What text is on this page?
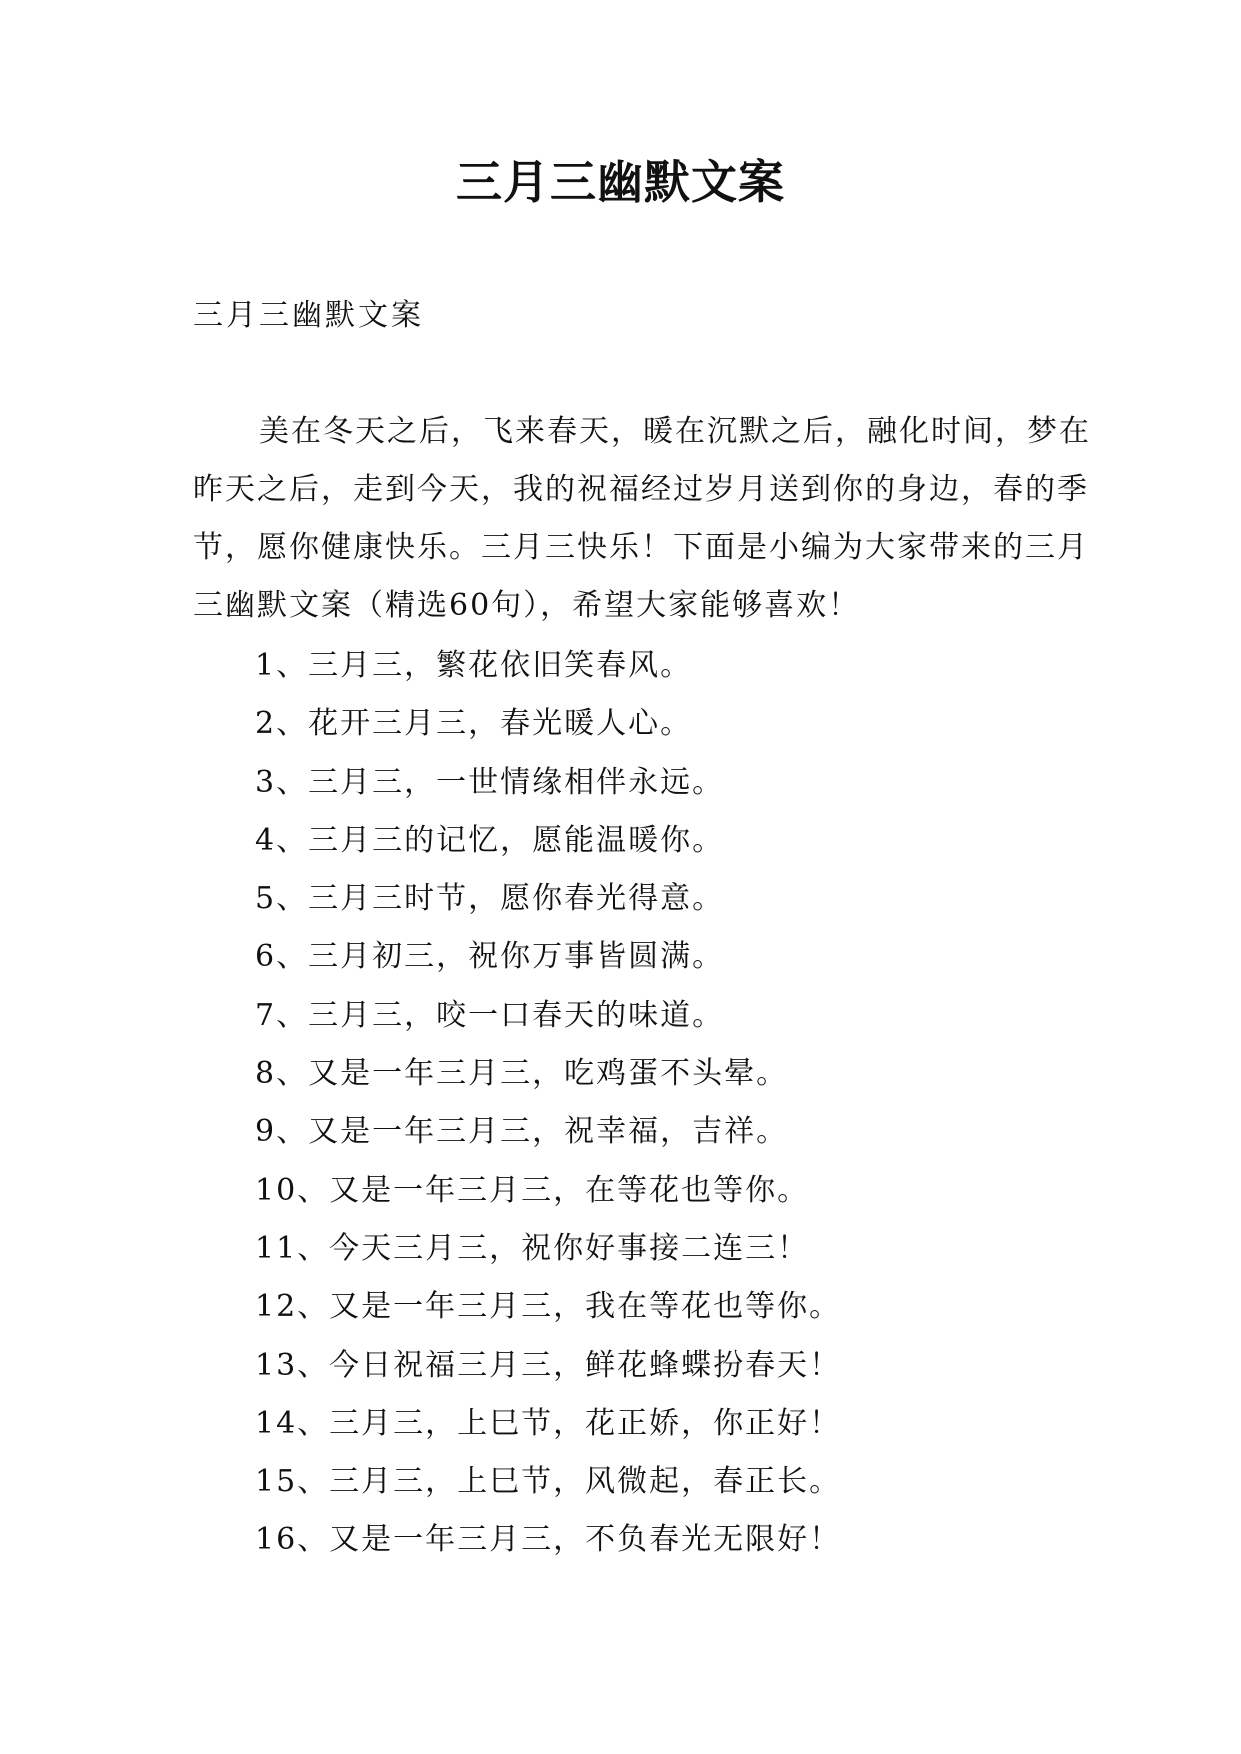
三月三幽默文案
三月三幽默文案

美在冬天之后，飞来春天，暖在沉默之后，融化时间，梦在昨天之后，走到今天，我的祝福经过岁月送到你的身边，春的季节，愿你健康快乐。三月三快乐！下面是小编为大家带来的三月三幽默文案（精选60句），希望大家能够喜欢！

1、三月三，繁花依旧笑春风。
2、花开三月三，春光暖人心。
3、三月三，一世情缘相伴永远。
4、三月三的记忆，愿能温暖你。
5、三月三时节，愿你春光得意。
6、三月初三，祝你万事皆圆满。
7、三月三，咬一口春天的味道。
8、又是一年三月三，吃鸡蛋不头晕。
9、又是一年三月三，祝幸福，吉祥。
10、又是一年三月三，在等花也等你。
11、今天三月三，祝你好事接二连三！
12、又是一年三月三，我在等花也等你。
13、今日祝福三月三，鲜花蜂蝶扮春天！
14、三月三，上巳节，花正娇，你正好！
15、三月三，上巳节，风微起，春正长。
16、又是一年三月三，不负春光无限好！
